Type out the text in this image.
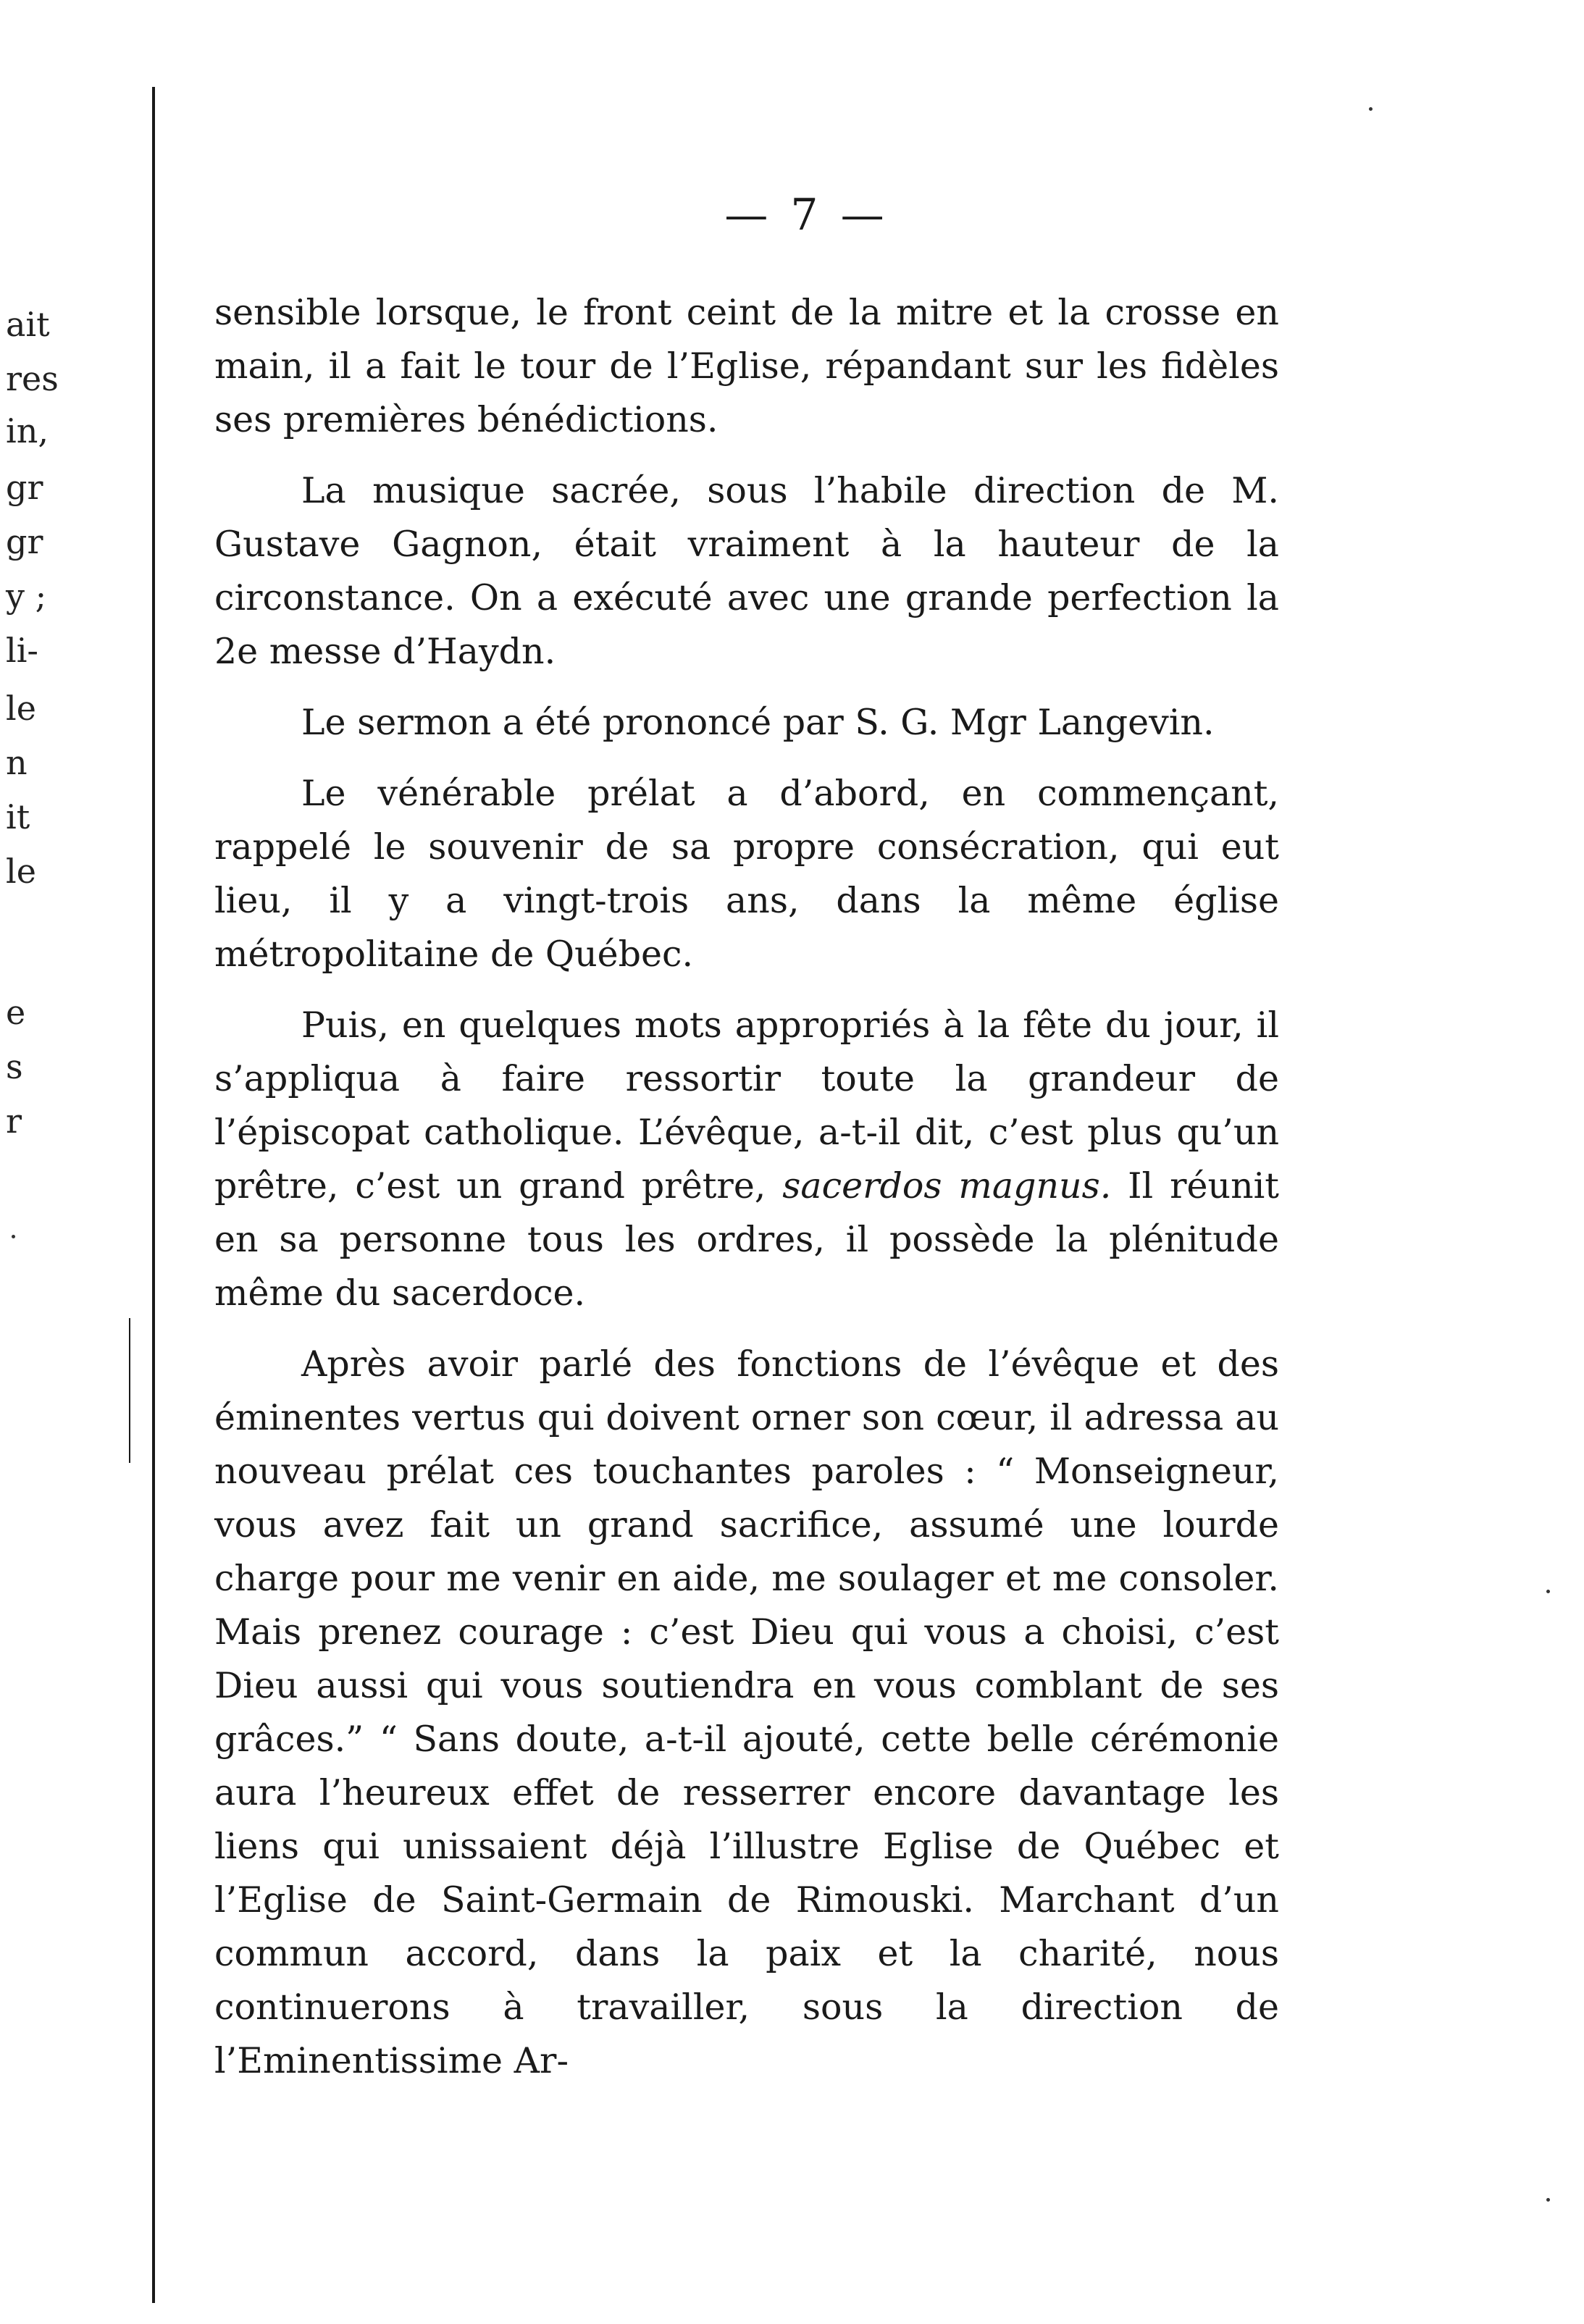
ait
res
in,
gr
gr
y ;
li-
le
n
it
le
e
s
r
— 7 —

sensible lorsque, le front ceint de la mitre et la crosse en main, il a fait le tour de l’Eglise, répandant sur les fidèles ses premières bénédictions.

La musique sacrée, sous l’habile direction de M. Gustave Gagnon, était vraiment à la hauteur de la circonstance. On a exécuté avec une grande perfection la 2e messe d’Haydn.

Le sermon a été prononcé par S. G. Mgr Langevin.

Le vénérable prélat a d’abord, en commençant, rappelé le souvenir de sa propre consécration, qui eut lieu, il y a vingt-trois ans, dans la même église métropolitaine de Québec.

Puis, en quelques mots appropriés à la fête du jour, il s’appliqua à faire ressortir toute la grandeur de l’épiscopat catholique. L’évêque, a-t-il dit, c’est plus qu’un prêtre, c’est un grand prêtre, sacerdos magnus. Il réunit en sa personne tous les ordres, il possède la plénitude même du sacerdoce.

Après avoir parlé des fonctions de l’évêque et des éminentes vertus qui doivent orner son cœur, il adressa au nouveau prélat ces touchantes paroles : “ Monseigneur, vous avez fait un grand sacrifice, assumé une lourde charge pour me venir en aide, me soulager et me consoler. Mais prenez courage : c’est Dieu qui vous a choisi, c’est Dieu aussi qui vous soutiendra en vous comblant de ses grâces.” “ Sans doute, a-t-il ajouté, cette belle cérémonie aura l’heureux effet de resserrer encore davantage les liens qui unissaient déjà l’illustre Eglise de Québec et l’Eglise de Saint-Germain de Rimouski. Marchant d’un commun accord, dans la paix et la charité, nous continuerons à travailler, sous la direction de l’Eminentissime Ar-
